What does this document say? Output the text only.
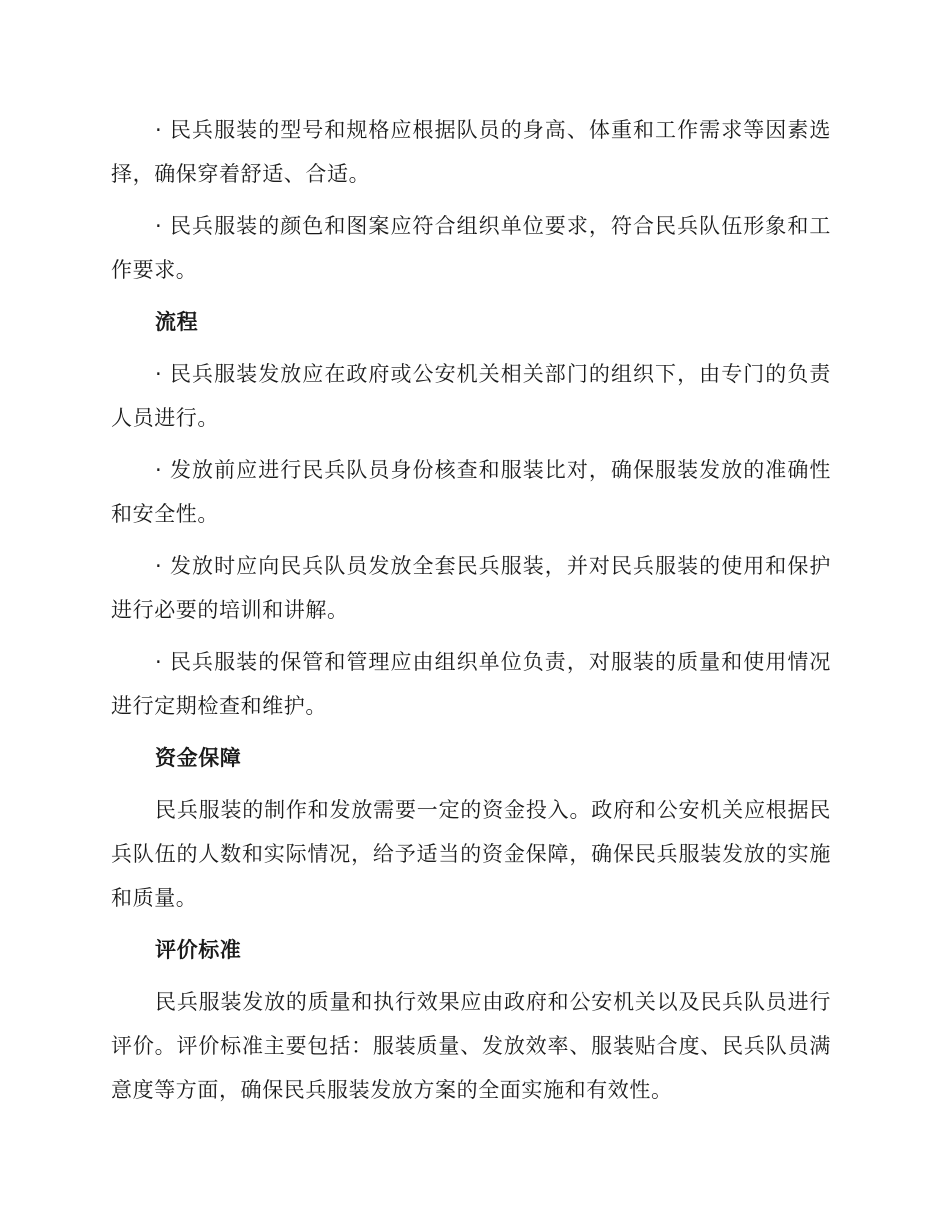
· 民兵服装的型号和规格应根据队员的身高、体重和工作需求等因素选择，确保穿着舒适、合适。

· 民兵服装的颜色和图案应符合组织单位要求，符合民兵队伍形象和工作要求。

流程

· 民兵服装发放应在政府或公安机关相关部门的组织下，由专门的负责人员进行。

· 发放前应进行民兵队员身份核查和服装比对，确保服装发放的准确性和安全性。

· 发放时应向民兵队员发放全套民兵服装，并对民兵服装的使用和保护进行必要的培训和讲解。

· 民兵服装的保管和管理应由组织单位负责，对服装的质量和使用情况进行定期检查和维护。

资金保障

民兵服装的制作和发放需要一定的资金投入。政府和公安机关应根据民兵队伍的人数和实际情况，给予适当的资金保障，确保民兵服装发放的实施和质量。

评价标准

民兵服装发放的质量和执行效果应由政府和公安机关以及民兵队员进行评价。评价标准主要包括：服装质量、发放效率、服装贴合度、民兵队员满意度等方面，确保民兵服装发放方案的全面实施和有效性。
